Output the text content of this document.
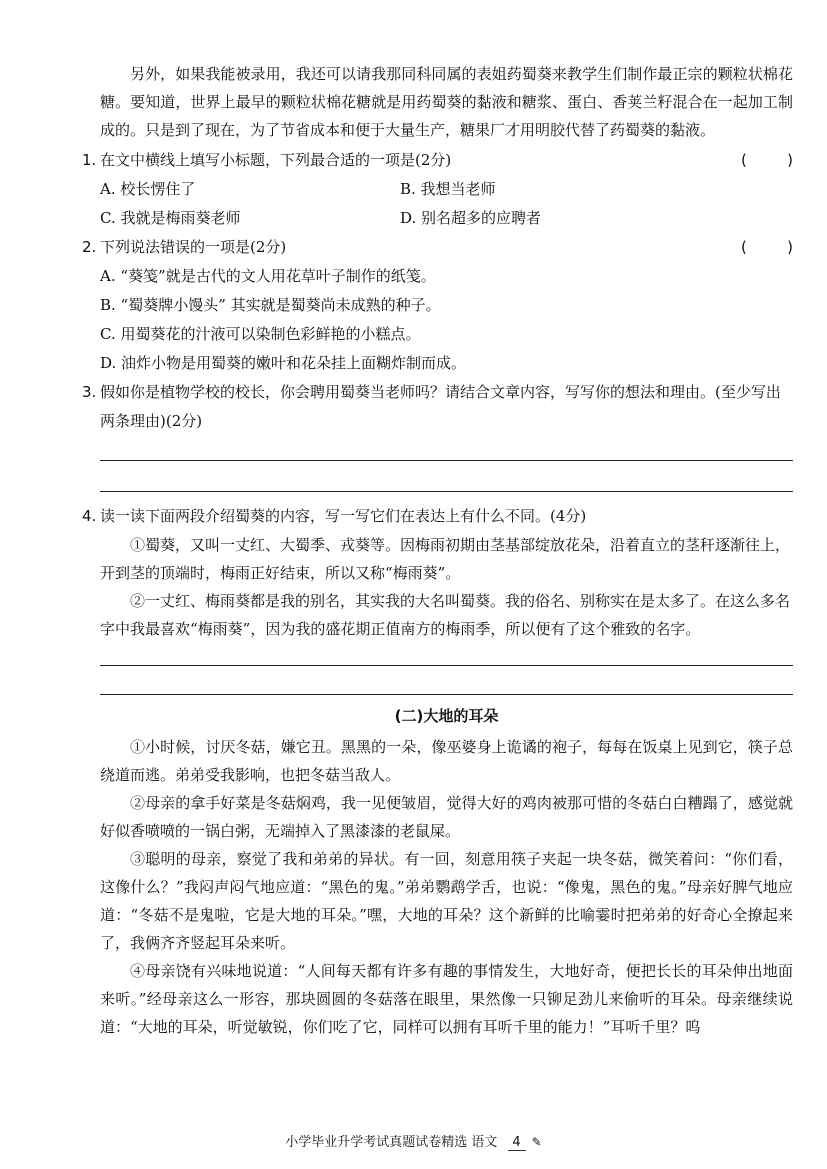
另外，如果我能被录用，我还可以请我那同科同属的表姐药蜀葵来教学生们制作最正宗的颗粒状棉花糖。要知道，世界上最早的颗粒状棉花糖就是用药蜀葵的黏液和糖浆、蛋白、香荚兰籽混合在一起加工制成的。只是到了现在，为了节省成本和便于大量生产，糖果厂才用明胶代替了药蜀葵的黏液。

1. 在文中横线上填写小标题，下列最合适的一项是(2分)	(	)
A. 校长愣住了	B. 我想当老师
C. 我就是梅雨葵老师	D. 别名超多的应聘者
2. 下列说法错误的一项是(2分)	(	)

A. “葵笺”就是古代的文人用花草叶子制作的纸笺。

B. “蜀葵牌小馒头” 其实就是蜀葵尚未成熟的种子。

C. 用蜀葵花的汁液可以染制色彩鲜艳的小糕点。

D. 油炸小物是用蜀葵的嫩叶和花朵挂上面糊炸制而成。

3. 假如你是植物学校的校长，你会聘用蜀葵当老师吗？请结合文章内容，写写你的想法和理由。(至少写出两条理由)(2分)
4. 读一读下面两段介绍蜀葵的内容，写一写它们在表达上有什么不同。(4分)

①蜀葵，又叫一丈红、大蜀季、戎葵等。因梅雨初期由茎基部绽放花朵，沿着直立的茎秆逐渐往上，开到茎的顶端时，梅雨正好结束，所以又称“梅雨葵”。

②一丈红、梅雨葵都是我的别名，其实我的大名叫蜀葵。我的俗名、别称实在是太多了。在这么多名字中我最喜欢“梅雨葵”，因为我的盛花期正值南方的梅雨季，所以便有了这个雅致的名字。

(二)大地的耳朵

①小时候，讨厌冬菇，嫌它丑。黑黑的一朵，像巫婆身上诡谲的袍子，每每在饭桌上见到它，筷子总绕道而逃。弟弟受我影响，也把冬菇当敌人。

②母亲的拿手好菜是冬菇焖鸡，我一见便皱眉，觉得大好的鸡肉被那可惜的冬菇白白糟蹋了，感觉就好似香喷喷的一锅白粥，无端掉入了黑漆漆的老鼠屎。

③聪明的母亲，察觉了我和弟弟的异状。有一回，刻意用筷子夹起一块冬菇，微笑着问：“你们看，这像什么？”我闷声闷气地应道：“黑色的鬼。”弟弟鹦鹉学舌，也说：“像鬼，黑色的鬼。”母亲好脾气地应道：“冬菇不是鬼啦，它是大地的耳朵。”嘿，大地的耳朵？这个新鲜的比喻霎时把弟弟的好奇心全撩起来了，我俩齐齐竖起耳朵来听。

④母亲饶有兴味地说道：“人间每天都有许多有趣的事情发生，大地好奇，便把长长的耳朵伸出地面来听。”经母亲这么一形容，那块圆圆的冬菇落在眼里，果然像一只铆足劲儿来偷听的耳朵。母亲继续说道：“大地的耳朵，听觉敏锐，你们吃了它，同样可以拥有耳听千里的能力！”耳听千里？呜

小学毕业升学考试真题试卷精选 语文 4 ✎
